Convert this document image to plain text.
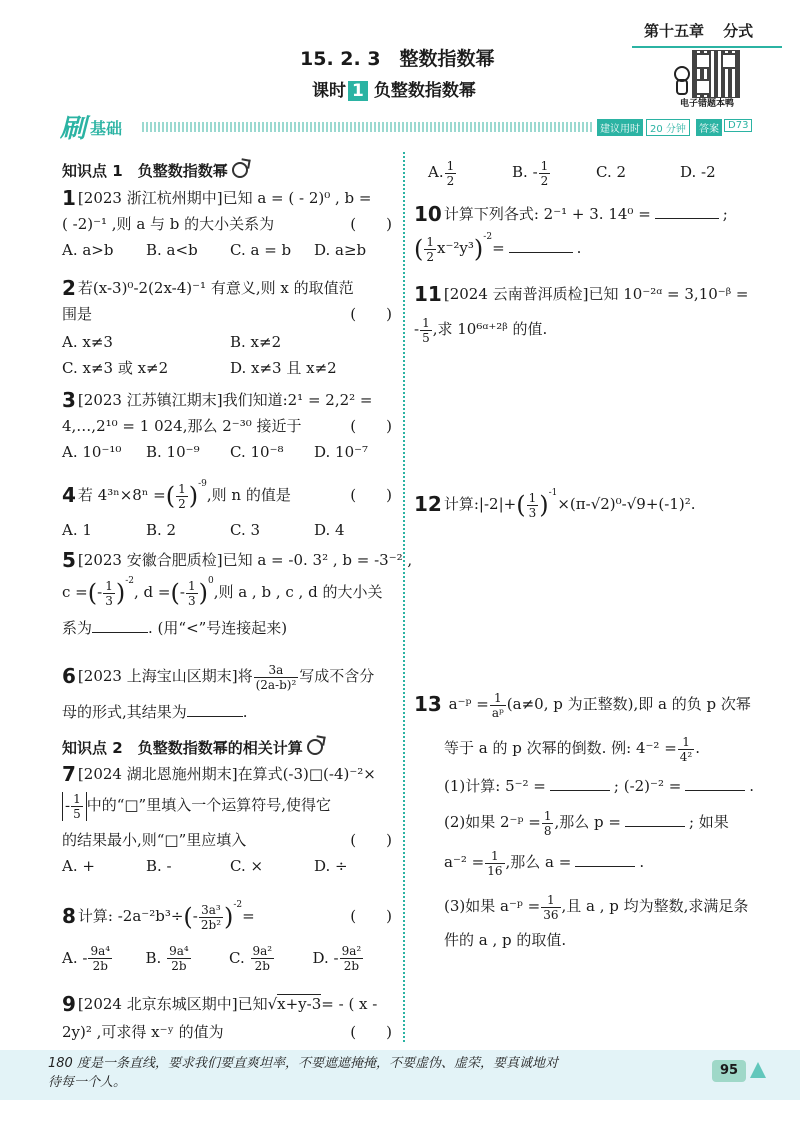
第十五章 分式
15. 2. 3　整数指数幂
课时 1 负整数指数幂
电子错题本鸭
刷 基础	建议用时	20 分钟	答案 D73
知识点 1　 负整数指数幂
1 [2023 浙江杭州期中]已知 a = ( - 2)⁰ , b =
( -2)⁻¹ ,则 a 与 b 的大小关系为	(　　)
A. a>b	B. a<b	C. a = b	D. a≥b
2 若(x-3)⁰-2(2x-4)⁻¹ 有意义,则 x 的取值范
围是	(　　)
A. x≠3	B. x≠2
C. x≠3 或 x≠2	D. x≠3 且 x≠2
3 [2023 江苏镇江期末]我们知道:2¹ = 2,2² =
4,…,2¹⁰ = 1 024,那么 2⁻³⁰ 接近于	(　　)
A. 10⁻¹⁰	B. 10⁻⁹	C. 10⁻⁸	D. 10⁻⁷
4 若 4³ⁿ×8ⁿ =( $\frac{1}{2} )^{-9}$,则 n 的值是	(　　)
A. 1	B. 2	C. 3	D. 4
5 [2023 安徽合肥质检]已知 a = -0. 3² , b = -3⁻² ,
c =(- $\frac{1}{3} )^{-2}$, d =(- $\frac{1}{3} )^0$,则 a , b , c , d 的大小关
系为	. (用“<”号连接起来)
6 [2023 上海宝山区期末]将 $\frac{3a}{\text{(2a-b)²}}$ 写成不含分
母的形式,其结果为	.
知识点 2　 负整数指数幂的相关计算
7 [2024 湖北恩施州期末]在算式(-3)□(-4)⁻²×
- $\frac{1}{5}$ 中的“□”里填入一个运算符号,使得它
的结果最小,则“□”里应填入	(　　)
A. +	B. -	C. ×	D. ÷
8 计算: $-2a^{-2}b^3\div(- \frac{\text{3a³}}{\text{2b²}} )^{-2}=$	(　　)
A. - $\frac{\text{9a⁴}}{2b} B$. $\frac{\text{9a⁴}}{2b}$	C. $\frac{\text{9a²}}{2b}$	D. - $\frac{\text{9a²}}{2b}$
9 [2024 北京东城区期中]已知√x+y-3= - ( x -
2y)² ,可求得 x⁻ʸ 的值为	(　　)
A. $\frac{1}{2}$	B. - $\frac{1}{2}$	C. 2	D. -2
10 计算下列各式: 2⁻¹ + 3. 14⁰ =	;
( $\frac{1}{2} x^{-2}y^3)^{-2}=$	.
11 [2024 云南普洱质检]已知 10⁻²ᵅ = 3,10⁻ᵝ =
- $\frac{1}{5}$ ,求 10⁶ᵅ⁺²ᵝ 的值.
12 计算:|-2|+( $\frac{1}{3} )^{-1}\times(\pi-√2)^0-√9+(-1)^2$.
13 a⁻ᵖ = $\frac{1}{\text{aᵖ}} (a\ne 0$, p 为正整数),即 a 的负 p 次幂
等于 a 的 p 次幂的倒数. 例: $4^{-2} = \frac{1}{\text{4²}}$ .
(1)计算: 5⁻² =	; (-2)⁻² =	.
(2)如果 2⁻ᵖ = $\frac{1}{8}$ ,那么 p =	; 如果
$a^{-2} = \frac{1}{16}$ ,那么 a =	.
(3)如果 a⁻ᵖ = $\frac{1}{36}$ ,且 a , p 均为整数,求满足条
件的 a , p 的取值.
180 度是一条直线，要求我们要直爽坦率，不要遮遮掩掩，不要虚伪、虚荣，要真诚地对
待每一个人。
95
